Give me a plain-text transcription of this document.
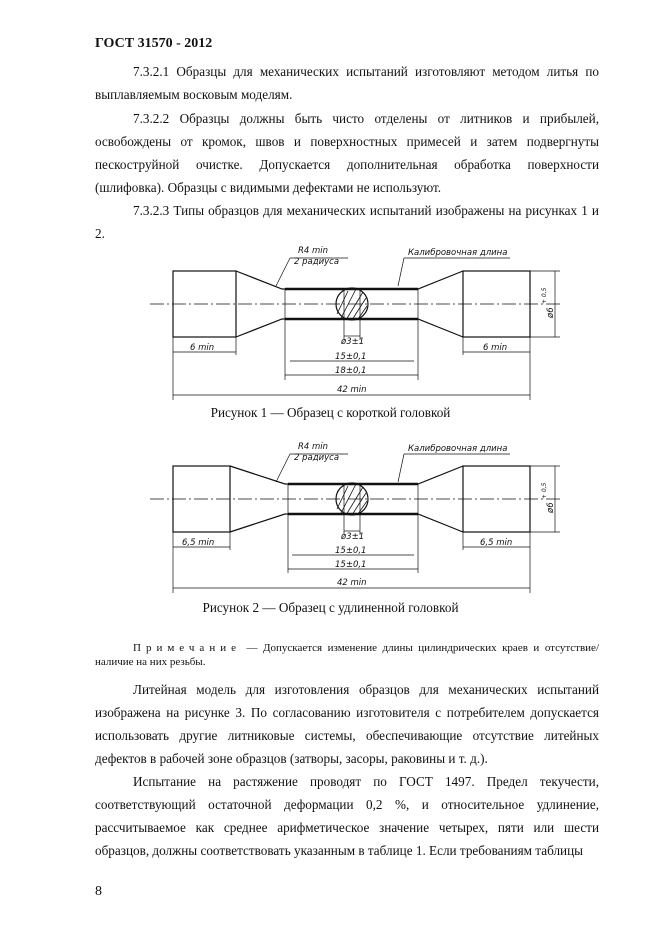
ГОСТ 31570 - 2012
7.3.2.1 Образцы для механических испытаний изготовляют методом литья по выплавляемым восковым моделям.
7.3.2.2 Образцы должны быть чисто отделены от литников и прибылей, освобождены от кромок, швов и поверхностных примесей и затем подвергнуты пескоструйной очистке. Допускается дополнительная обработка поверхности (шлифовка). Образцы с видимыми дефектами не используют.
7.3.2.3 Типы образцов для механических испытаний изображены на рисунках 1 и 2.
R4 min
2 радиуса
Калибровочная длина
6 min	6 min
ø3±1
15±0,1
18±0,1
42 min
ø6
+ 0,5
Рисунок 1 — Образец с короткой головкой
R4 min
2 радиуса
Калибровочная длина
6,5 min	6,5 min
ø3±1
15±0,1
15±0,1
42 min
ø6
+ 0,5
Рисунок 2 — Образец с удлиненной головкой
Примечание — Допускается изменение длины цилиндрических краев и отсутствие/наличие на них резьбы.
Литейная модель для изготовления образцов для механических испытаний изображена на рисунке 3. По согласованию изготовителя с потребителем допускается использовать другие литниковые системы, обеспечивающие отсутствие литейных дефектов в рабочей зоне образцов (затворы, засоры, раковины и т. д.).
Испытание на растяжение проводят по ГОСТ 1497. Предел текучести, соответствующий остаточной деформации 0,2 %, и относительное удлинение, рассчитываемое как среднее арифметическое значение четырех, пяти или шести образцов, должны соответствовать указанным в таблице 1. Если требованиям таблицы
8
